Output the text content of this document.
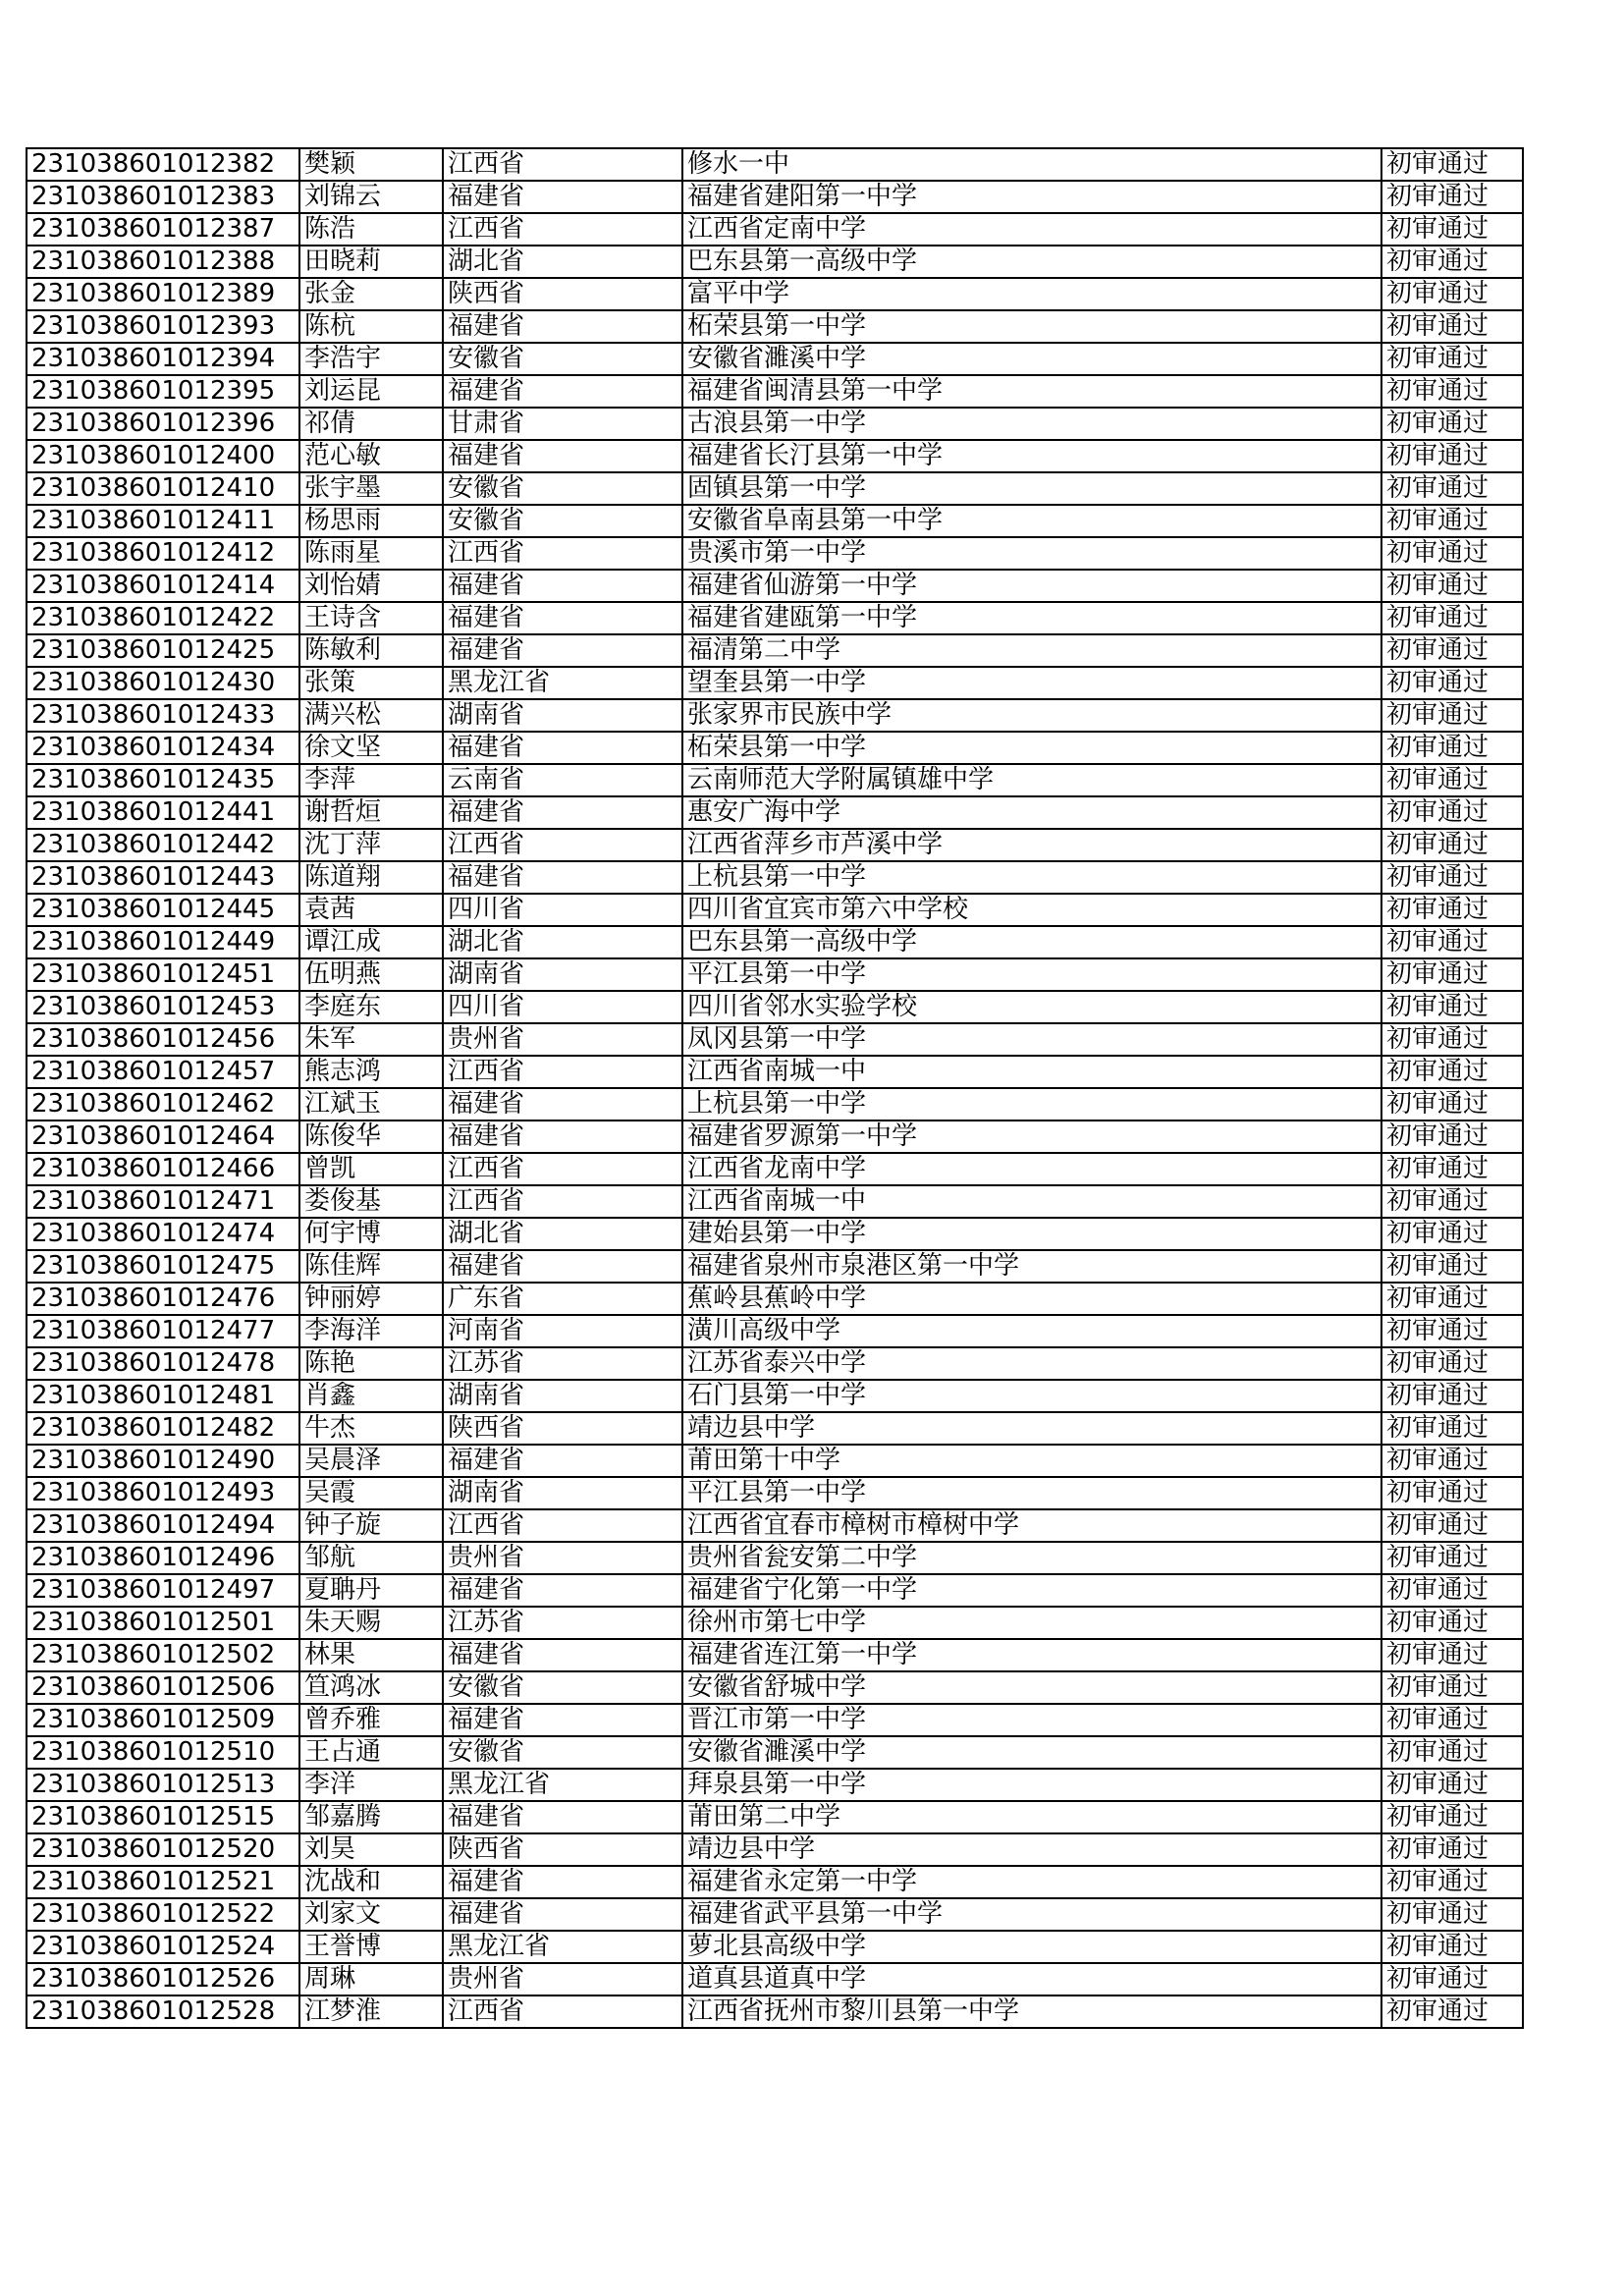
231038601012382	樊颖	江西省	修水一中	初审通过
231038601012383	刘锦云	福建省	福建省建阳第一中学	初审通过
231038601012387	陈浩	江西省	江西省定南中学	初审通过
231038601012388	田晓莉	湖北省	巴东县第一高级中学	初审通过
231038601012389	张金	陕西省	富平中学	初审通过
231038601012393	陈杭	福建省	柘荣县第一中学	初审通过
231038601012394	李浩宇	安徽省	安徽省濉溪中学	初审通过
231038601012395	刘运昆	福建省	福建省闽清县第一中学	初审通过
231038601012396	祁倩	甘肃省	古浪县第一中学	初审通过
231038601012400	范心敏	福建省	福建省长汀县第一中学	初审通过
231038601012410	张宇墨	安徽省	固镇县第一中学	初审通过
231038601012411	杨思雨	安徽省	安徽省阜南县第一中学	初审通过
231038601012412	陈雨星	江西省	贵溪市第一中学	初审通过
231038601012414	刘怡婧	福建省	福建省仙游第一中学	初审通过
231038601012422	王诗含	福建省	福建省建瓯第一中学	初审通过
231038601012425	陈敏利	福建省	福清第二中学	初审通过
231038601012430	张策	黑龙江省	望奎县第一中学	初审通过
231038601012433	满兴松	湖南省	张家界市民族中学	初审通过
231038601012434	徐文坚	福建省	柘荣县第一中学	初审通过
231038601012435	李萍	云南省	云南师范大学附属镇雄中学	初审通过
231038601012441	谢哲烜	福建省	惠安广海中学	初审通过
231038601012442	沈丁萍	江西省	江西省萍乡市芦溪中学	初审通过
231038601012443	陈道翔	福建省	上杭县第一中学	初审通过
231038601012445	袁茜	四川省	四川省宜宾市第六中学校	初审通过
231038601012449	谭江成	湖北省	巴东县第一高级中学	初审通过
231038601012451	伍明燕	湖南省	平江县第一中学	初审通过
231038601012453	李庭东	四川省	四川省邻水实验学校	初审通过
231038601012456	朱军	贵州省	凤冈县第一中学	初审通过
231038601012457	熊志鸿	江西省	江西省南城一中	初审通过
231038601012462	江斌玉	福建省	上杭县第一中学	初审通过
231038601012464	陈俊华	福建省	福建省罗源第一中学	初审通过
231038601012466	曾凯	江西省	江西省龙南中学	初审通过
231038601012471	娄俊基	江西省	江西省南城一中	初审通过
231038601012474	何宇博	湖北省	建始县第一中学	初审通过
231038601012475	陈佳辉	福建省	福建省泉州市泉港区第一中学	初审通过
231038601012476	钟丽婷	广东省	蕉岭县蕉岭中学	初审通过
231038601012477	李海洋	河南省	潢川高级中学	初审通过
231038601012478	陈艳	江苏省	江苏省泰兴中学	初审通过
231038601012481	肖鑫	湖南省	石门县第一中学	初审通过
231038601012482	牛杰	陕西省	靖边县中学	初审通过
231038601012490	吴晨泽	福建省	莆田第十中学	初审通过
231038601012493	吴霞	湖南省	平江县第一中学	初审通过
231038601012494	钟子旋	江西省	江西省宜春市樟树市樟树中学	初审通过
231038601012496	邹航	贵州省	贵州省瓮安第二中学	初审通过
231038601012497	夏聃丹	福建省	福建省宁化第一中学	初审通过
231038601012501	朱天赐	江苏省	徐州市第七中学	初审通过
231038601012502	林果	福建省	福建省连江第一中学	初审通过
231038601012506	笪鸿冰	安徽省	安徽省舒城中学	初审通过
231038601012509	曾乔雅	福建省	晋江市第一中学	初审通过
231038601012510	王占通	安徽省	安徽省濉溪中学	初审通过
231038601012513	李洋	黑龙江省	拜泉县第一中学	初审通过
231038601012515	邹嘉腾	福建省	莆田第二中学	初审通过
231038601012520	刘昊	陕西省	靖边县中学	初审通过
231038601012521	沈战和	福建省	福建省永定第一中学	初审通过
231038601012522	刘家文	福建省	福建省武平县第一中学	初审通过
231038601012524	王誉博	黑龙江省	萝北县高级中学	初审通过
231038601012526	周琳	贵州省	道真县道真中学	初审通过
231038601012528	江梦淮	江西省	江西省抚州市黎川县第一中学	初审通过
